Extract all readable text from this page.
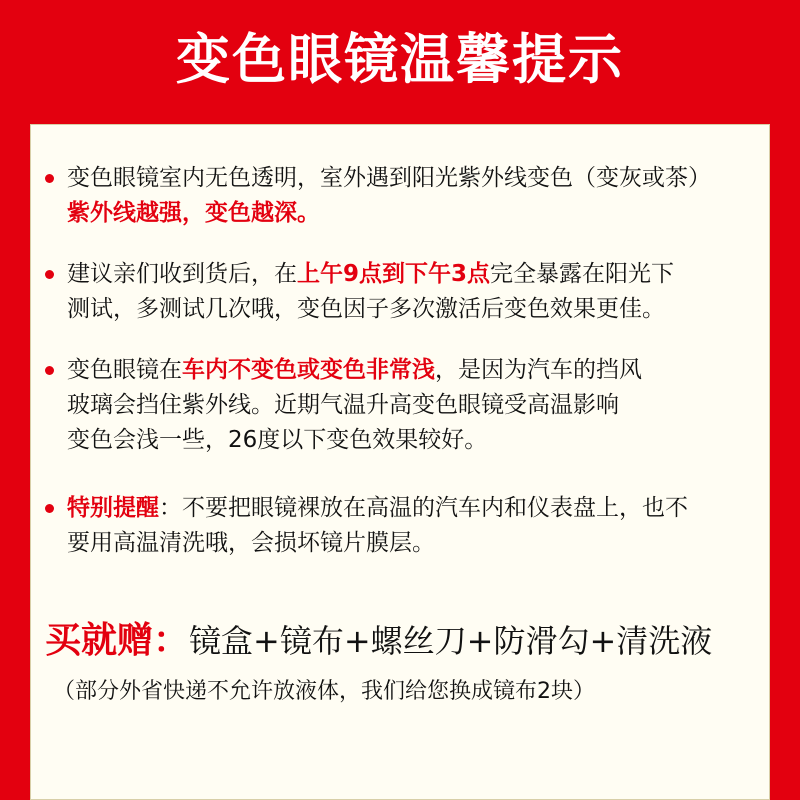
变色眼镜温馨提示
变色眼镜室内无色透明，室外遇到阳光紫外线变色（变灰或茶）
紫外线越强，变色越深。
建议亲们收到货后，在上午9点到下午3点完全暴露在阳光下
测试，多测试几次哦，变色因子多次激活后变色效果更佳。
变色眼镜在车内不变色或变色非常浅，是因为汽车的挡风
玻璃会挡住紫外线。近期气温升高变色眼镜受高温影响
变色会浅一些，26度以下变色效果较好。
特别提醒：不要把眼镜裸放在高温的汽车内和仪表盘上，也不
要用高温清洗哦，会损坏镜片膜层。
买就赠：镜盒+镜布+螺丝刀+防滑勾+清洗液
（部分外省快递不允许放液体，我们给您换成镜布2块）
